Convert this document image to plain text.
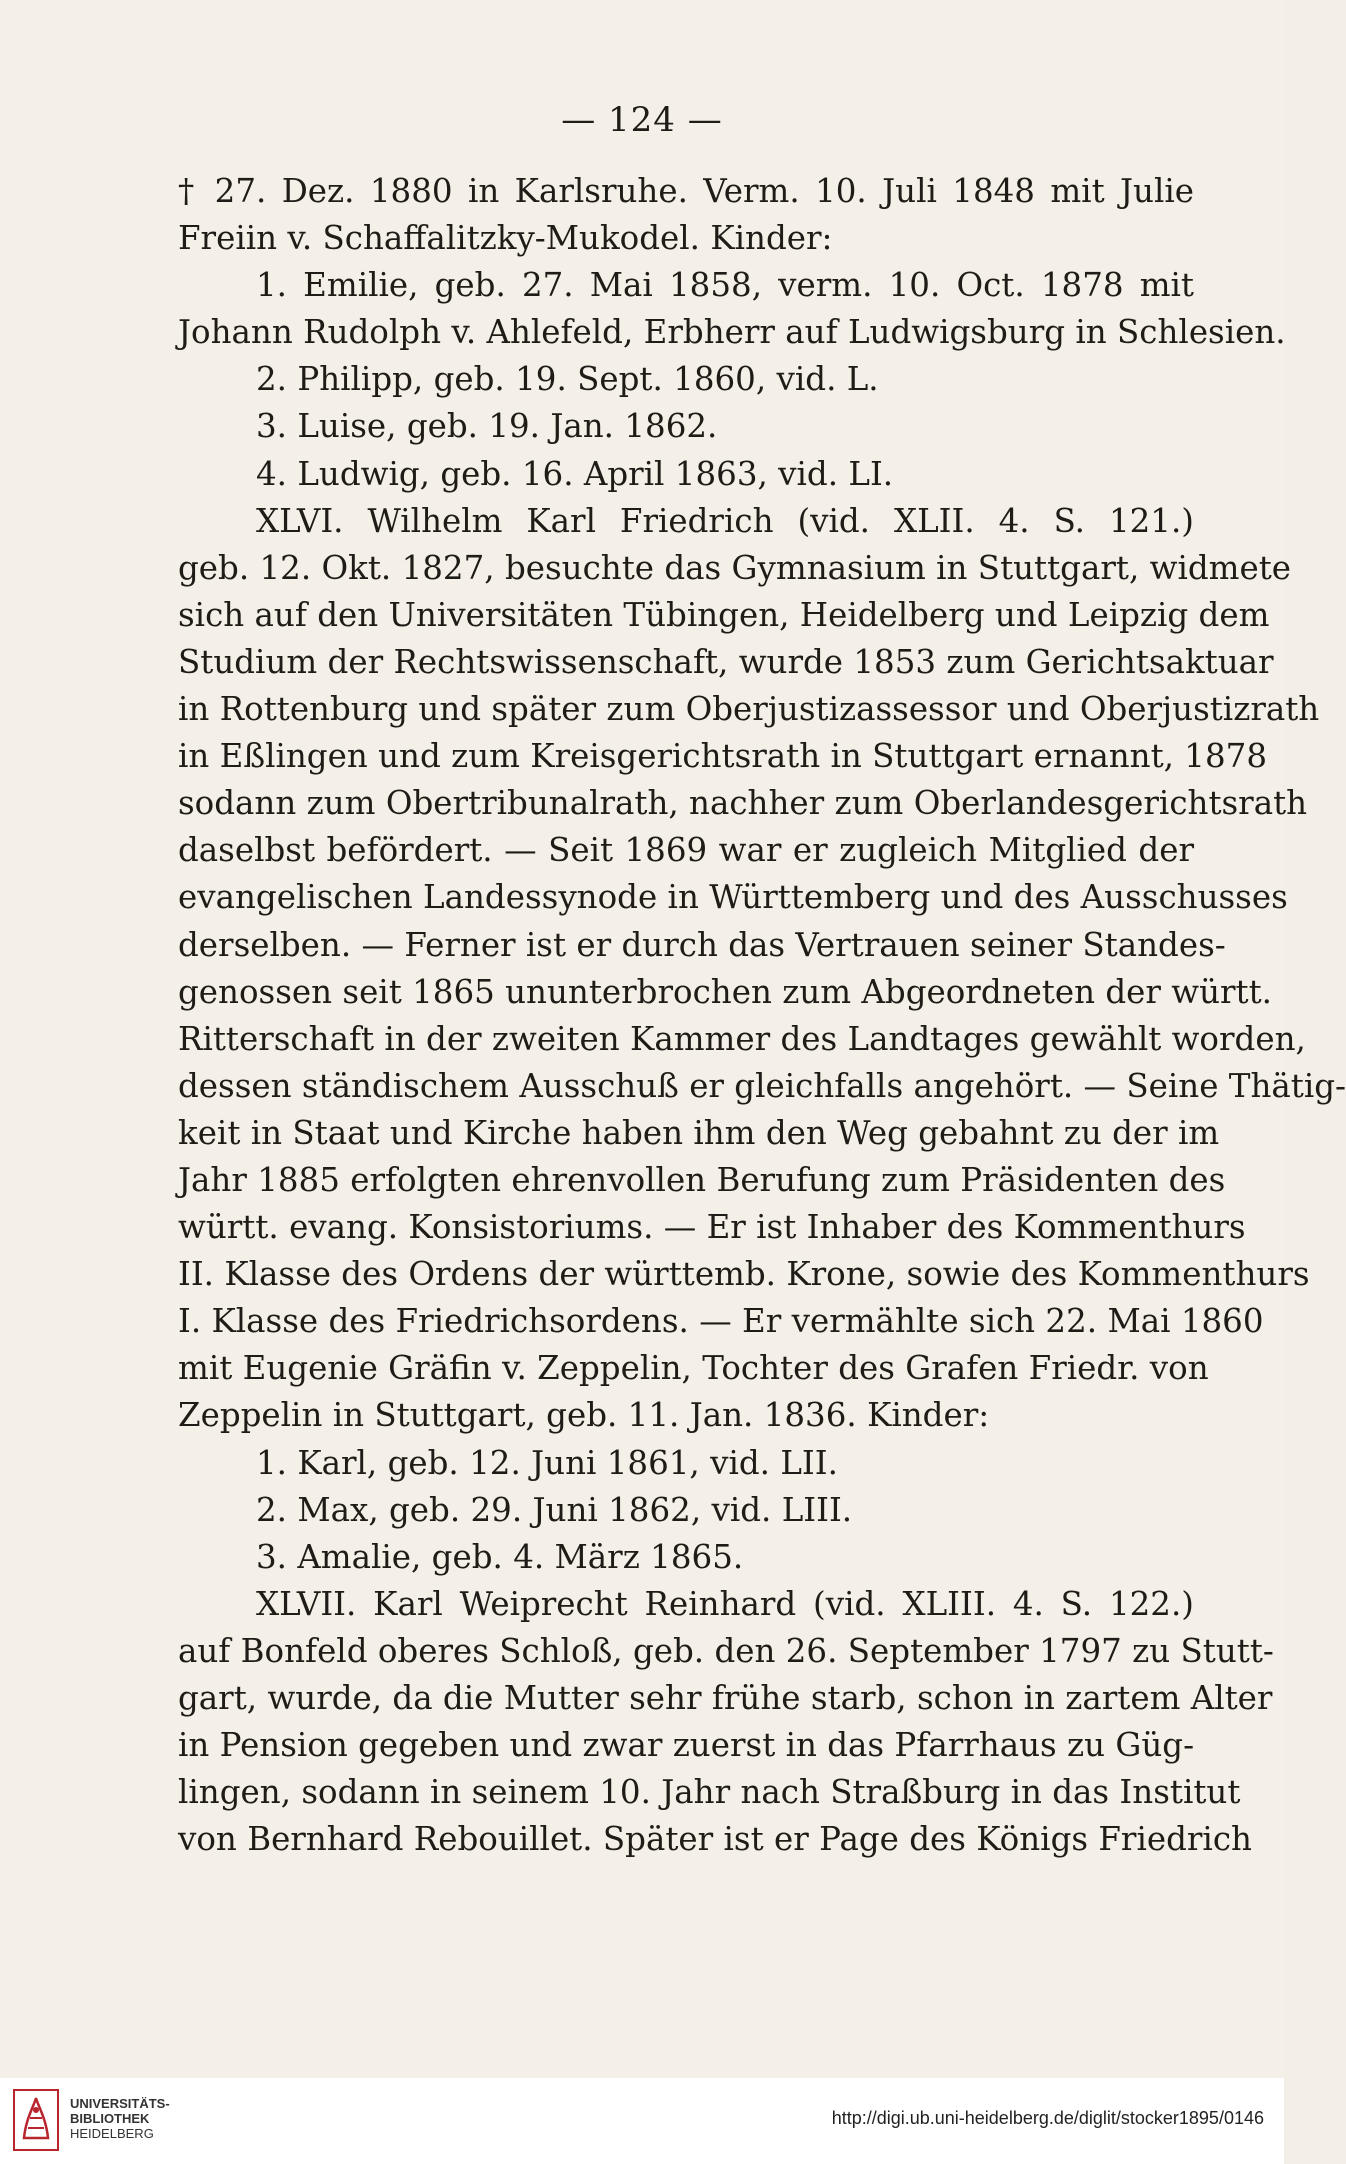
— 124 —
† 27. Dez. 1880 in Karlsruhe. Verm. 10. Juli 1848 mit Julie
Freiin v. Schaffalitzky-Mukodel. Kinder:
1. Emilie, geb. 27. Mai 1858, verm. 10. Oct. 1878 mit
Johann Rudolph v. Ahlefeld, Erbherr auf Ludwigsburg in Schlesien.
2. Philipp, geb. 19. Sept. 1860, vid. L.
3. Luise, geb. 19. Jan. 1862.
4. Ludwig, geb. 16. April 1863, vid. LI.
XLVI. Wilhelm Karl Friedrich (vid. XLII. 4. S. 121.)
geb. 12. Okt. 1827, besuchte das Gymnasium in Stuttgart, widmete
sich auf den Universitäten Tübingen, Heidelberg und Leipzig dem
Studium der Rechtswissenschaft, wurde 1853 zum Gerichtsaktuar
in Rottenburg und später zum Oberjustizassessor und Oberjustizrath
in Eßlingen und zum Kreisgerichtsrath in Stuttgart ernannt, 1878
sodann zum Obertribunalrath, nachher zum Oberlandesgerichtsrath
daselbst befördert. — Seit 1869 war er zugleich Mitglied der
evangelischen Landessynode in Württemberg und des Ausschusses
derselben. — Ferner ist er durch das Vertrauen seiner Standes-
genossen seit 1865 ununterbrochen zum Abgeordneten der württ.
Ritterschaft in der zweiten Kammer des Landtages gewählt worden,
dessen ständischem Ausschuß er gleichfalls angehört. — Seine Thätig-
keit in Staat und Kirche haben ihm den Weg gebahnt zu der im
Jahr 1885 erfolgten ehrenvollen Berufung zum Präsidenten des
württ. evang. Konsistoriums. — Er ist Inhaber des Kommenthurs
II. Klasse des Ordens der württemb. Krone, sowie des Kommenthurs
I. Klasse des Friedrichsordens. — Er vermählte sich 22. Mai 1860
mit Eugenie Gräfin v. Zeppelin, Tochter des Grafen Friedr. von
Zeppelin in Stuttgart, geb. 11. Jan. 1836. Kinder:
1. Karl, geb. 12. Juni 1861, vid. LII.
2. Max, geb. 29. Juni 1862, vid. LIII.
3. Amalie, geb. 4. März 1865.
XLVII. Karl Weiprecht Reinhard (vid. XLIII. 4. S. 122.)
auf Bonfeld oberes Schloß, geb. den 26. September 1797 zu Stutt-
gart, wurde, da die Mutter sehr frühe starb, schon in zartem Alter
in Pension gegeben und zwar zuerst in das Pfarrhaus zu Güg-
lingen, sodann in seinem 10. Jahr nach Straßburg in das Institut
von Bernhard Rebouillet. Später ist er Page des Königs Friedrich
UNIVERSITÄTS-
BIBLIOTHEK
HEIDELBERG
http://digi.ub.uni-heidelberg.de/diglit/stocker1895/0146
